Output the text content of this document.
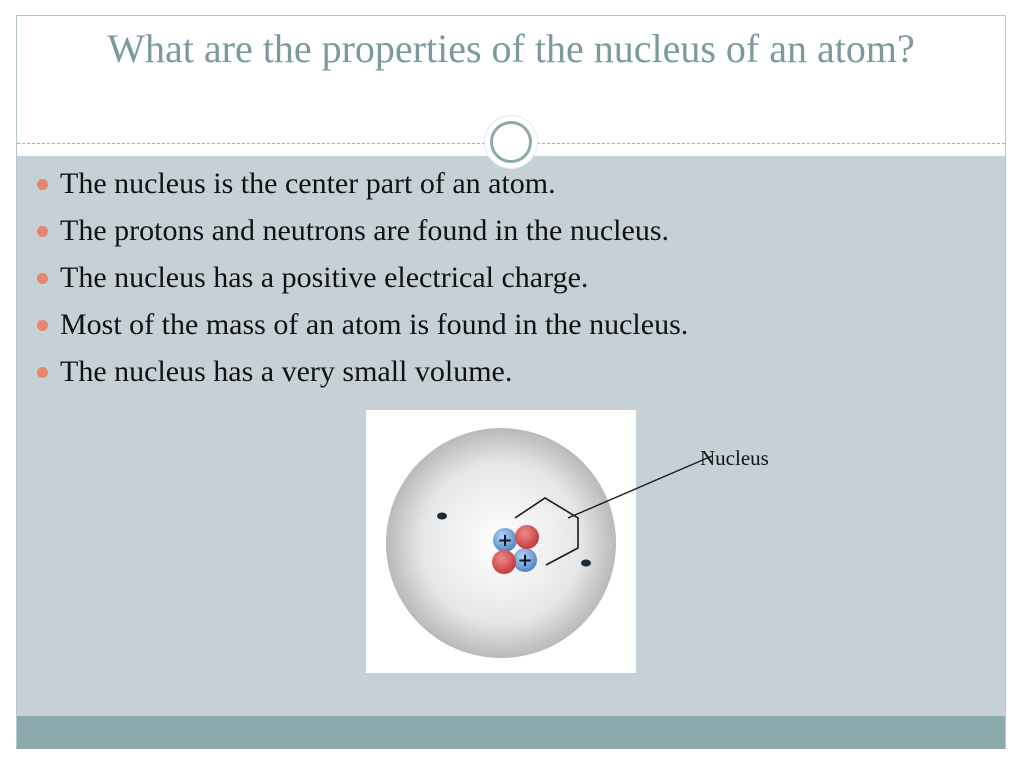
What are the properties of the nucleus of an atom?
The nucleus is the center part of an atom.
The protons and neutrons are found in the nucleus.
The nucleus has a positive electrical charge.
Most of the mass of an atom is found in the nucleus.
The nucleus has a very small volume.
+
+
Nucleus
